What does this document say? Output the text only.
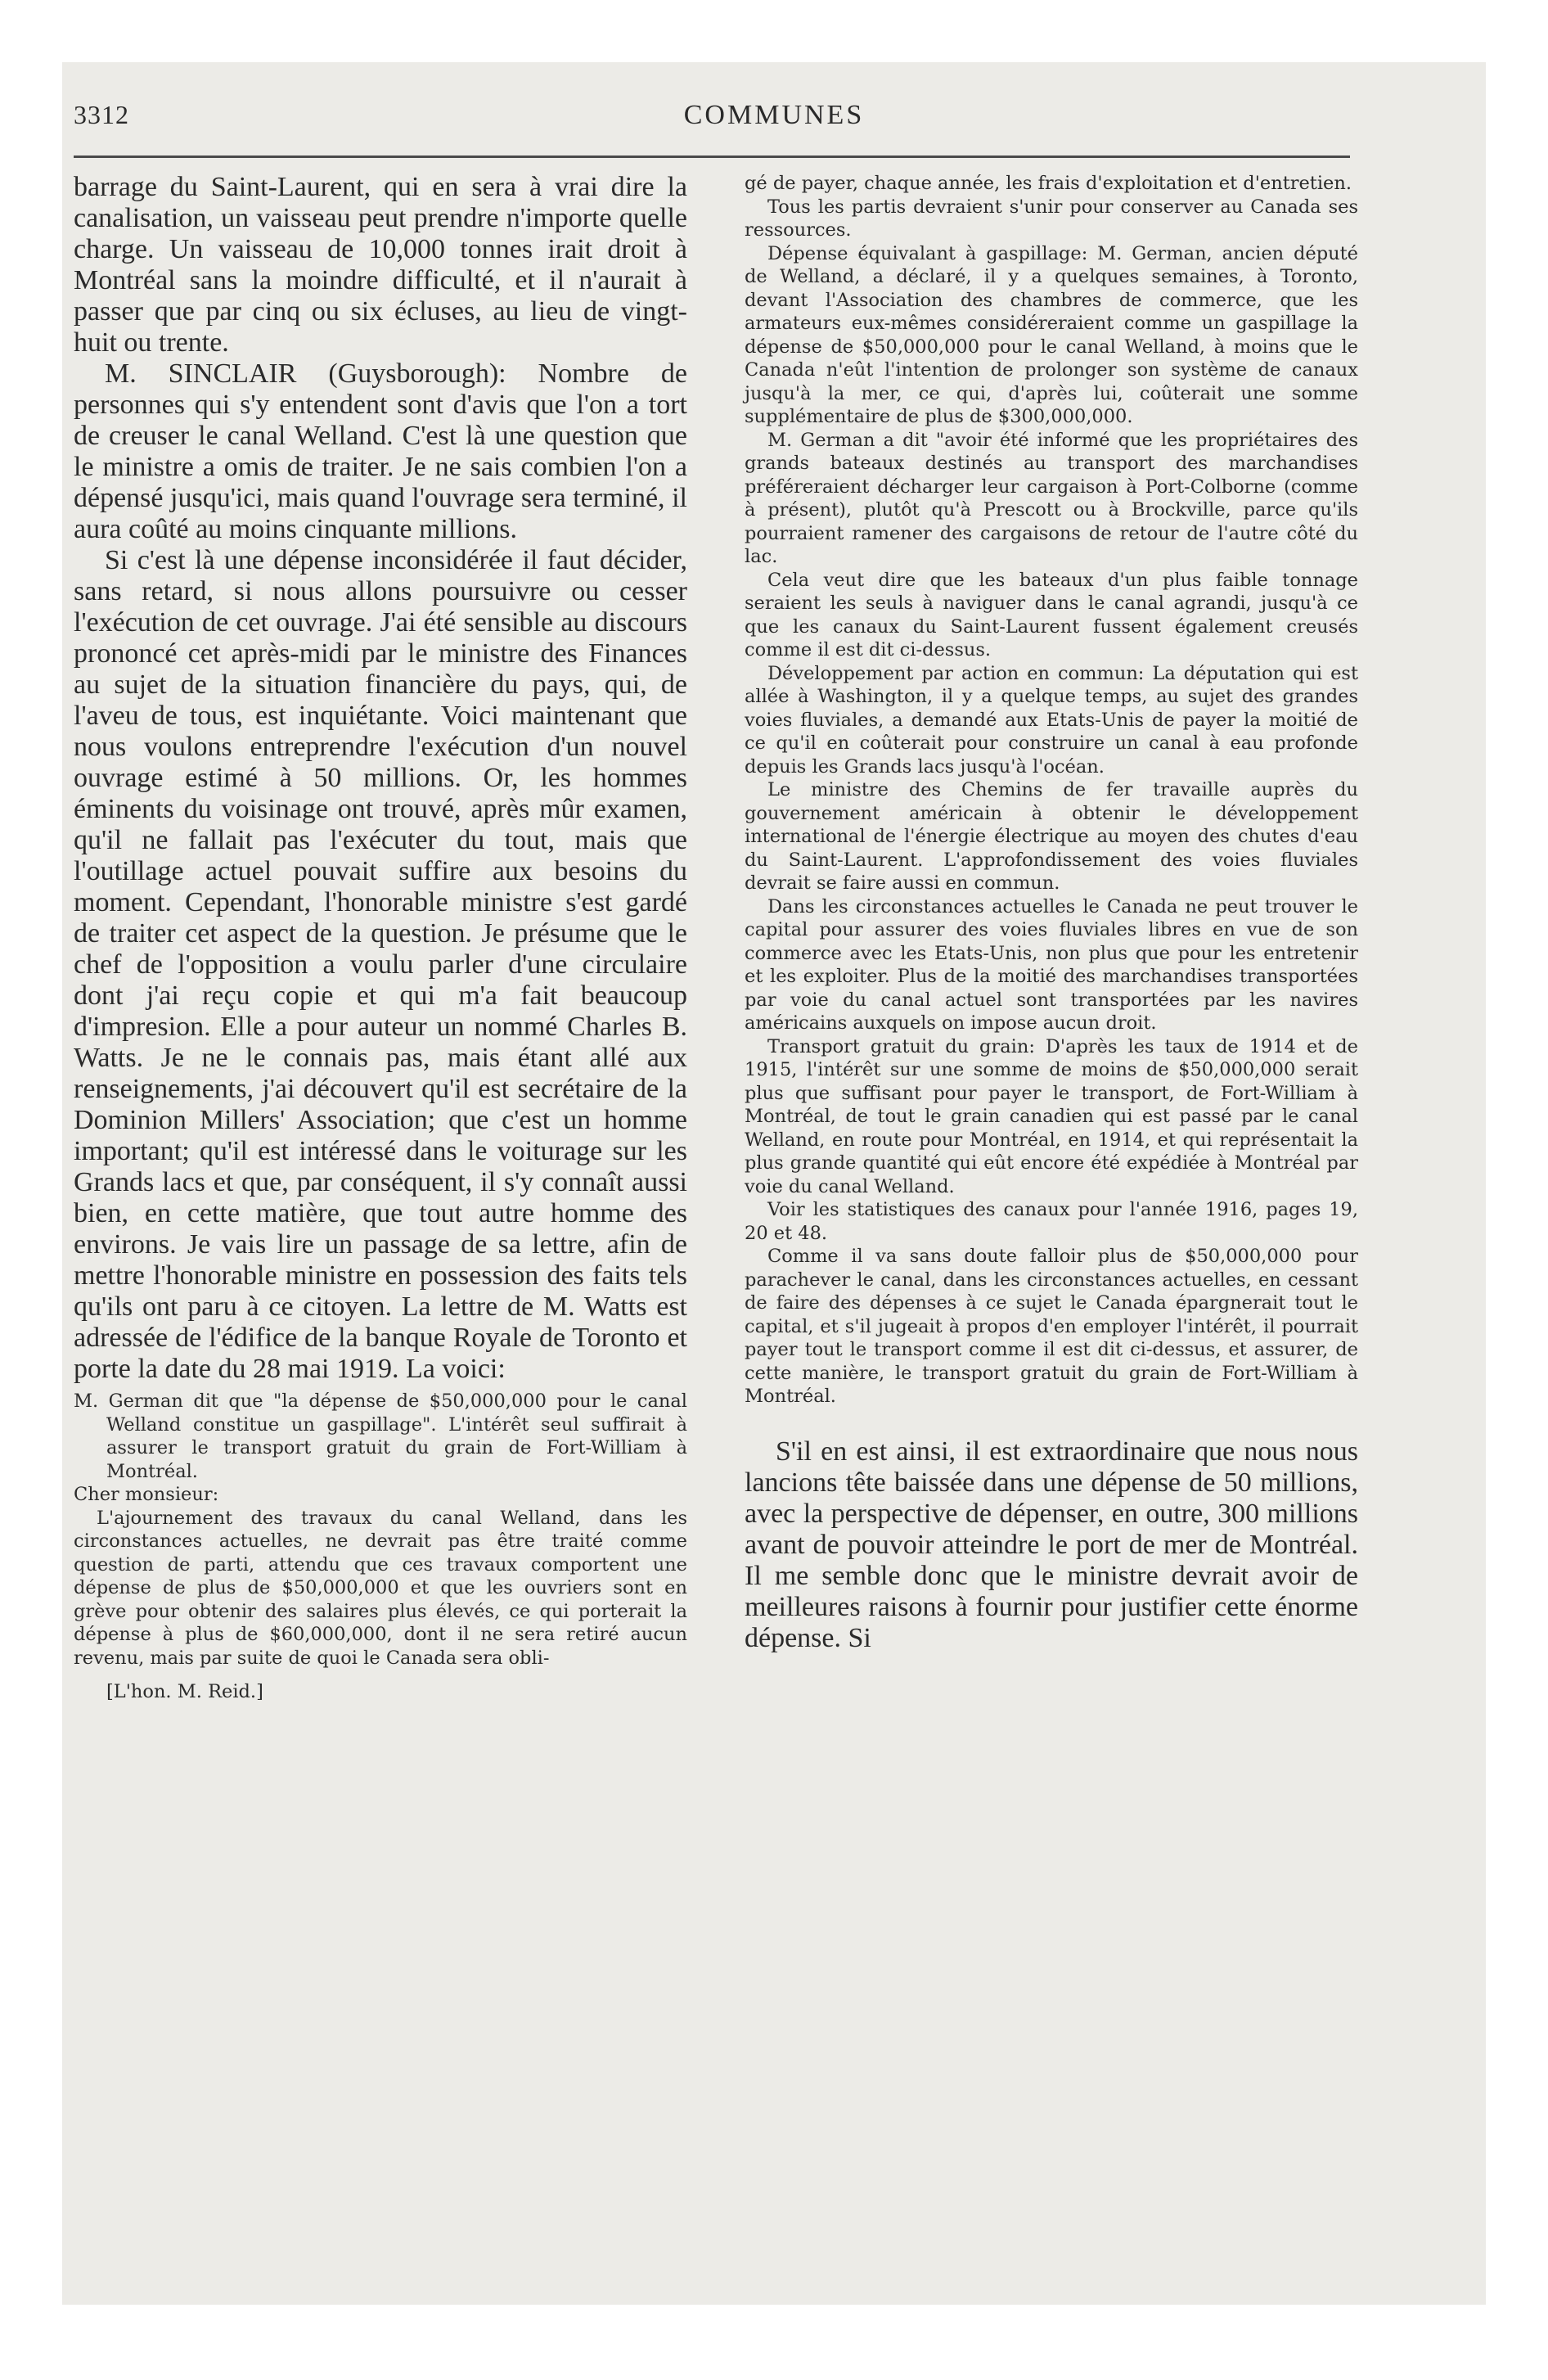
3312	COMMUNES

barrage du Saint-Laurent, qui en sera à vrai dire la canalisation, un vaisseau peut prendre n'importe quelle charge. Un vaisseau de 10,000 tonnes irait droit à Montréal sans la moindre difficulté, et il n'aurait à passer que par cinq ou six écluses, au lieu de vingt-huit ou trente.

M. SINCLAIR (Guysborough): Nombre de personnes qui s'y entendent sont d'avis que l'on a tort de creuser le canal Welland. C'est là une question que le ministre a omis de traiter. Je ne sais combien l'on a dépensé jusqu'ici, mais quand l'ouvrage sera terminé, il aura coûté au moins cinquante millions.

Si c'est là une dépense inconsidérée il faut décider, sans retard, si nous allons poursuivre ou cesser l'exécution de cet ouvrage. J'ai été sensible au discours prononcé cet après-midi par le ministre des Finances au sujet de la situation financière du pays, qui, de l'aveu de tous, est inquiétante. Voici maintenant que nous voulons entreprendre l'exécution d'un nouvel ouvrage estimé à 50 millions. Or, les hommes éminents du voisinage ont trouvé, après mûr examen, qu'il ne fallait pas l'exécuter du tout, mais que l'outillage actuel pouvait suffire aux besoins du moment. Cependant, l'honorable ministre s'est gardé de traiter cet aspect de la question. Je présume que le chef de l'opposition a voulu parler d'une circulaire dont j'ai reçu copie et qui m'a fait beaucoup d'impresion. Elle a pour auteur un nommé Charles B. Watts. Je ne le connais pas, mais étant allé aux renseignements, j'ai découvert qu'il est secrétaire de la Dominion Millers' Association; que c'est un homme important; qu'il est intéressé dans le voiturage sur les Grands lacs et que, par conséquent, il s'y connaît aussi bien, en cette matière, que tout autre homme des environs. Je vais lire un passage de sa lettre, afin de mettre l'honorable ministre en possession des faits tels qu'ils ont paru à ce citoyen. La lettre de M. Watts est adressée de l'édifice de la banque Royale de Toronto et porte la date du 28 mai 1919. La voici:

M. German dit que "la dépense de $50,000,000 pour le canal Welland constitue un gaspillage". L'intérêt seul suffirait à assurer le transport gratuit du grain de Fort-William à Montréal.

Cher monsieur:

L'ajournement des travaux du canal Welland, dans les circonstances actuelles, ne devrait pas être traité comme question de parti, attendu que ces travaux comportent une dépense de plus de $50,000,000 et que les ouvriers sont en grève pour obtenir des salaires plus élevés, ce qui porterait la dépense à plus de $60,000,000, dont il ne sera retiré aucun revenu, mais par suite de quoi le Canada sera obli-

[L'hon. M. Reid.]

gé de payer, chaque année, les frais d'exploitation et d'entretien.

Tous les partis devraient s'unir pour conserver au Canada ses ressources.

Dépense équivalant à gaspillage: M. German, ancien député de Welland, a déclaré, il y a quelques semaines, à Toronto, devant l'Association des chambres de commerce, que les armateurs eux-mêmes considéreraient comme un gaspillage la dépense de $50,000,000 pour le canal Welland, à moins que le Canada n'eût l'intention de prolonger son système de canaux jusqu'à la mer, ce qui, d'après lui, coûterait une somme supplémentaire de plus de $300,000,000.

M. German a dit "avoir été informé que les propriétaires des grands bateaux destinés au transport des marchandises préféreraient décharger leur cargaison à Port-Colborne (comme à présent), plutôt qu'à Prescott ou à Brockville, parce qu'ils pourraient ramener des cargaisons de retour de l'autre côté du lac.

Cela veut dire que les bateaux d'un plus faible tonnage seraient les seuls à naviguer dans le canal agrandi, jusqu'à ce que les canaux du Saint-Laurent fussent également creusés comme il est dit ci-dessus.

Développement par action en commun: La députation qui est allée à Washington, il y a quelque temps, au sujet des grandes voies fluviales, a demandé aux Etats-Unis de payer la moitié de ce qu'il en coûterait pour construire un canal à eau profonde depuis les Grands lacs jusqu'à l'océan.

Le ministre des Chemins de fer travaille auprès du gouvernement américain à obtenir le développement international de l'énergie électrique au moyen des chutes d'eau du Saint-Laurent. L'approfondissement des voies fluviales devrait se faire aussi en commun.

Dans les circonstances actuelles le Canada ne peut trouver le capital pour assurer des voies fluviales libres en vue de son commerce avec les Etats-Unis, non plus que pour les entretenir et les exploiter. Plus de la moitié des marchandises transportées par voie du canal actuel sont transportées par les navires américains auxquels on impose aucun droit.

Transport gratuit du grain: D'après les taux de 1914 et de 1915, l'intérêt sur une somme de moins de $50,000,000 serait plus que suffisant pour payer le transport, de Fort-William à Montréal, de tout le grain canadien qui est passé par le canal Welland, en route pour Montréal, en 1914, et qui représentait la plus grande quantité qui eût encore été expédiée à Montréal par voie du canal Welland.

Voir les statistiques des canaux pour l'année 1916, pages 19, 20 et 48.

Comme il va sans doute falloir plus de $50,000,000 pour parachever le canal, dans les circonstances actuelles, en cessant de faire des dépenses à ce sujet le Canada épargnerait tout le capital, et s'il jugeait à propos d'en employer l'intérêt, il pourrait payer tout le transport comme il est dit ci-dessus, et assurer, de cette manière, le transport gratuit du grain de Fort-William à Montréal.

S'il en est ainsi, il est extraordinaire que nous nous lancions tête baissée dans une dépense de 50 millions, avec la perspective de dépenser, en outre, 300 millions avant de pouvoir atteindre le port de mer de Montréal. Il me semble donc que le ministre devrait avoir de meilleures raisons à fournir pour justifier cette énorme dépense. Si
